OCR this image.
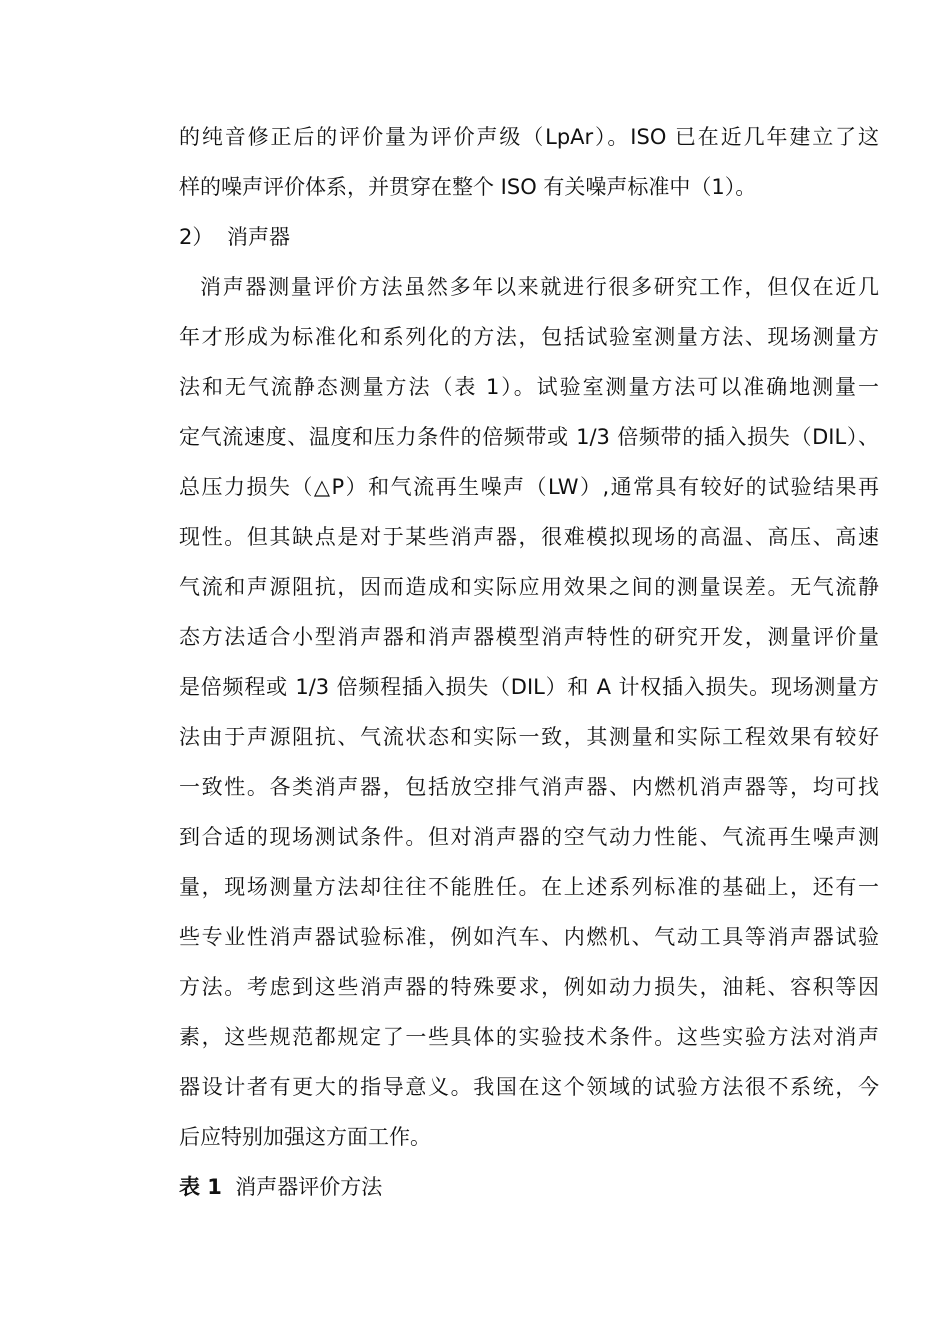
的纯音修正后的评价量为评价声级（LpAr）。ISO 已在近几年建立了这
样的噪声评价体系，并贯穿在整个 ISO 有关噪声标准中（1）。
2） 消声器
消声器测量评价方法虽然多年以来就进行很多研究工作，但仅在近几
年才形成为标准化和系列化的方法，包括试验室测量方法、现场测量方
法和无气流静态测量方法（表 1）。试验室测量方法可以准确地测量一
定气流速度、温度和压力条件的倍频带或 1/3 倍频带的插入损失（DIL）、
总压力损失（△P）和气流再生噪声（LW）,通常具有较好的试验结果再
现性。但其缺点是对于某些消声器，很难模拟现场的高温、高压、高速
气流和声源阻抗，因而造成和实际应用效果之间的测量误差。无气流静
态方法适合小型消声器和消声器模型消声特性的研究开发，测量评价量
是倍频程或 1/3 倍频程插入损失（DIL）和 A 计权插入损失。现场测量方
法由于声源阻抗、气流状态和实际一致，其测量和实际工程效果有较好
一致性。各类消声器，包括放空排气消声器、内燃机消声器等，均可找
到合适的现场测试条件。但对消声器的空气动力性能、气流再生噪声测
量，现场测量方法却往往不能胜任。在上述系列标准的基础上，还有一
些专业性消声器试验标准，例如汽车、内燃机、气动工具等消声器试验
方法。考虑到这些消声器的特殊要求，例如动力损失，油耗、容积等因
素，这些规范都规定了一些具体的实验技术条件。这些实验方法对消声
器设计者有更大的指导意义。我国在这个领域的试验方法很不系统，今
后应特别加强这方面工作。
表 1 消声器评价方法
